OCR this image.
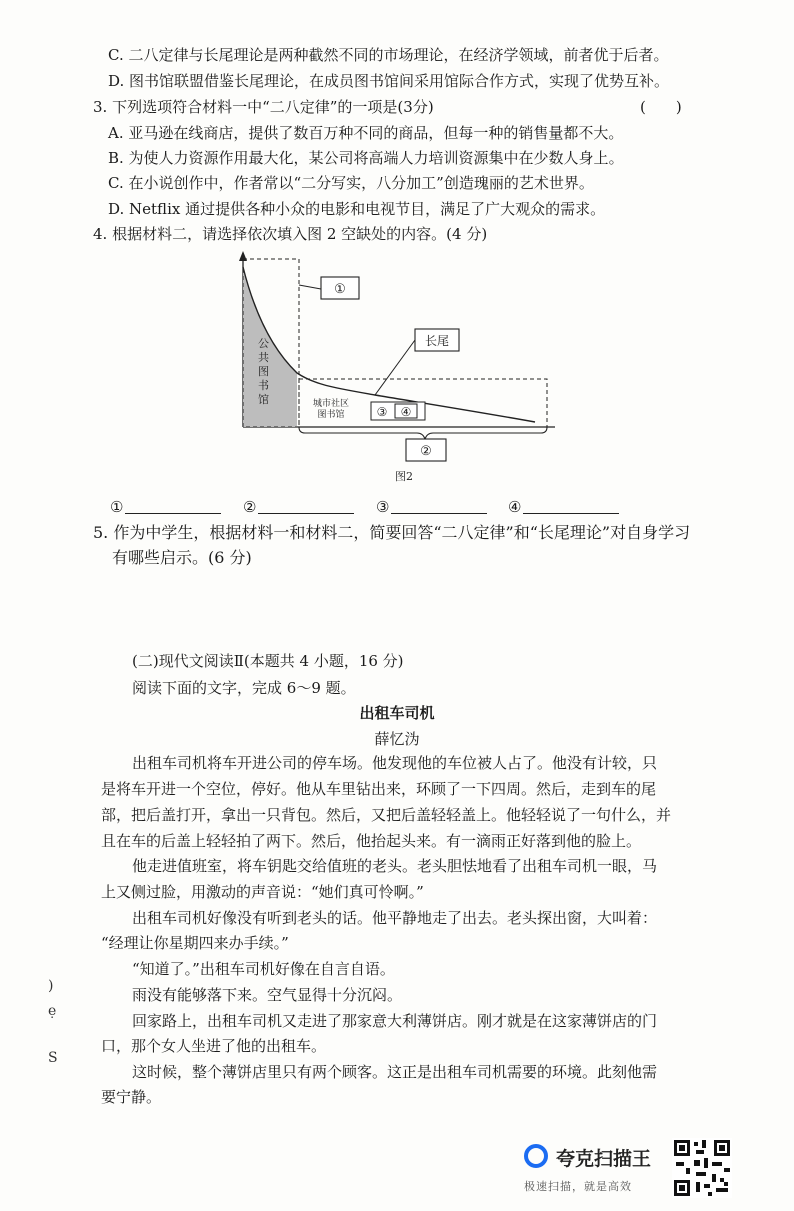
C. 二八定律与长尾理论是两种截然不同的市场理论，在经济学领域，前者优于后者。
D. 图书馆联盟借鉴长尾理论，在成员图书馆间采用馆际合作方式，实现了优势互补。
3. 下列选项符合材料一中“二八定律”的一项是(3分)	(　　)
A. 亚马逊在线商店，提供了数百万种不同的商品，但每一种的销售量都不大。
B. 为使人力资源作用最大化，某公司将高端人力培训资源集中在少数人身上。
C. 在小说创作中，作者常以“二分写实，八分加工”创造瑰丽的艺术世界。
D. Netflix 通过提供各种小众的电影和电视节目，满足了广大观众的需求。
4. 根据材料二，请选择依次填入图 2 空缺处的内容。(4 分)
公
共
图
书
馆
①
长尾
城市社区
图书馆	③ ④
②
图2
①	②	③	④
5. 作为中学生，根据材料一和材料二，简要回答“二八定律”和“长尾理论”对自身学习
有哪些启示。(6 分)
(二)现代文阅读Ⅱ(本题共 4 小题，16 分)
阅读下面的文字，完成 6～9 题。
出租车司机
薛忆沩
出租车司机将车开进公司的停车场。他发现他的车位被人占了。他没有计较，只
是将车开进一个空位，停好。他从车里钻出来，环顾了一下四周。然后，走到车的尾
部，把后盖打开，拿出一只背包。然后，又把后盖轻轻盖上。他轻轻说了一句什么，并
且在车的后盖上轻轻拍了两下。然后，他抬起头来。有一滴雨正好落到他的脸上。
他走进值班室，将车钥匙交给值班的老头。老头胆怯地看了出租车司机一眼，马
上又侧过脸，用激动的声音说：“她们真可怜啊。”
出租车司机好像没有听到老头的话。他平静地走了出去。老头探出窗，大叫着：
“经理让你星期四来办手续。”
“知道了。”出租车司机好像在自言自语。
雨没有能够落下来。空气显得十分沉闷。
回家路上，出租车司机又走进了那家意大利薄饼店。刚才就是在这家薄饼店的门
口，那个女人坐进了他的出租车。
这时候，整个薄饼店里只有两个顾客。这正是出租车司机需要的环境。此刻他需
要宁静。
)
ẹ
S
夸克扫描王
极速扫描，就是高效
